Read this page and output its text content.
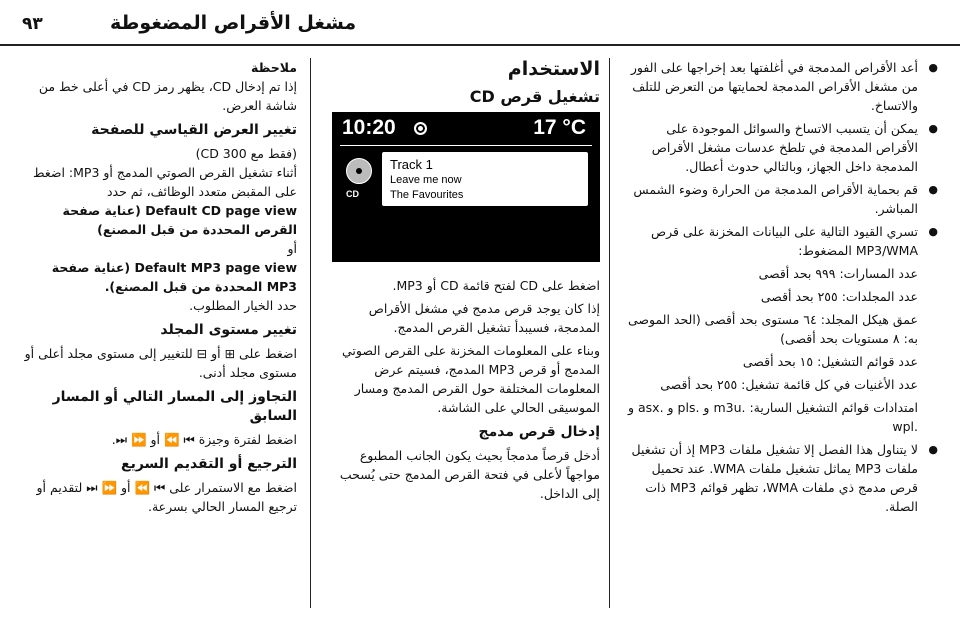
٩٣	مشغل الأقراص المضغوطة

● أعد الأقراص المدمجة في أغلفتها بعد إخراجها على الفور من مشغل الأقراص المدمجة لحمايتها من التعرض للتلف والاتساخ.

● يمكن أن يتسبب الاتساخ والسوائل الموجودة على الأقراص المدمجة في تلطخ عدسات مشغل الأقراص المدمجة داخل الجهاز، وبالتالي حدوث أعطال.

● قم بحماية الأقراص المدمجة من الحرارة وضوء الشمس المباشر.

● تسري القيود التالية على البيانات المخزنة على قرص MP3/WMA المضغوط:

عدد المسارات: ٩٩٩ بحد أقصى

عدد المجلدات: ٢٥٥ بحد أقصى

عمق هيكل المجلد: ٦٤ مستوى بحد أقصى (الحد الموصى به: ٨ مستويات بحد أقصى)

عدد قوائم التشغيل: ١٥ بحد أقصى

عدد الأغنيات في كل قائمة تشغيل: ٢٥٥ بحد أقصى

امتدادات قوائم التشغيل السارية: .m3u و .pls و .asx و .wpl

● لا يتناول هذا الفصل إلا تشغيل ملفات MP3 إذ أن تشغيل ملفات MP3 يماثل تشغيل ملفات WMA. عند تحميل قرص مدمج ذي ملفات WMA، تظهر قوائم MP3 ذات الصلة.

الاستخدام
تشغيل قرص CD
10:20	17 °C
CD
Track 1
Leave me now
The Favourites

اضغط على CD لفتح قائمة CD أو MP3.

إذا كان يوجد قرص مدمج في مشغل الأقراص المدمجة، فسيبدأ تشغيل القرص المدمج.

وبناء على المعلومات المخزنة على القرص الصوتي المدمج أو قرص MP3 المدمج، فسيتم عرض المعلومات المختلفة حول القرص المدمج ومسار الموسيقى الحالي على الشاشة.

إدخال قرص مدمج

أدخل قرصاً مدمجاً بحيث يكون الجانب المطبوع مواجهاً لأعلى في فتحة القرص المدمج حتى يُسحب إلى الداخل.

ملاحظة

إذا تم إدخال CD، يظهر رمز CD في أعلى خط من شاشة العرض.

تغيير العرض القياسي للصفحة

(فقط مع CD 300)

أثناء تشغيل القرص الصوتي المدمج أو MP3: اضغط على المقبض متعدد الوظائف، ثم حدد

Default CD page view (عناية صفحة القرص المحددة من قبل المصنع)

أو

Default MP3 page view (عناية صفحة MP3 المحددة من قبل المصنع).

حدد الخيار المطلوب.

تغيير مستوى المجلد

اضغط على ⊞ أو ⊟ للتغيير إلى مستوى مجلد أعلى أو مستوى مجلد أدنى.

التجاوز إلى المسار التالي أو المسار السابق

اضغط لفترة وجيزة ⏮ ⏪ أو ⏩ ⏭.

الترجيع أو التقديم السريع

اضغط مع الاستمرار على ⏮ ⏪ أو ⏩ ⏭ لتقديم أو ترجيع المسار الحالي بسرعة.
